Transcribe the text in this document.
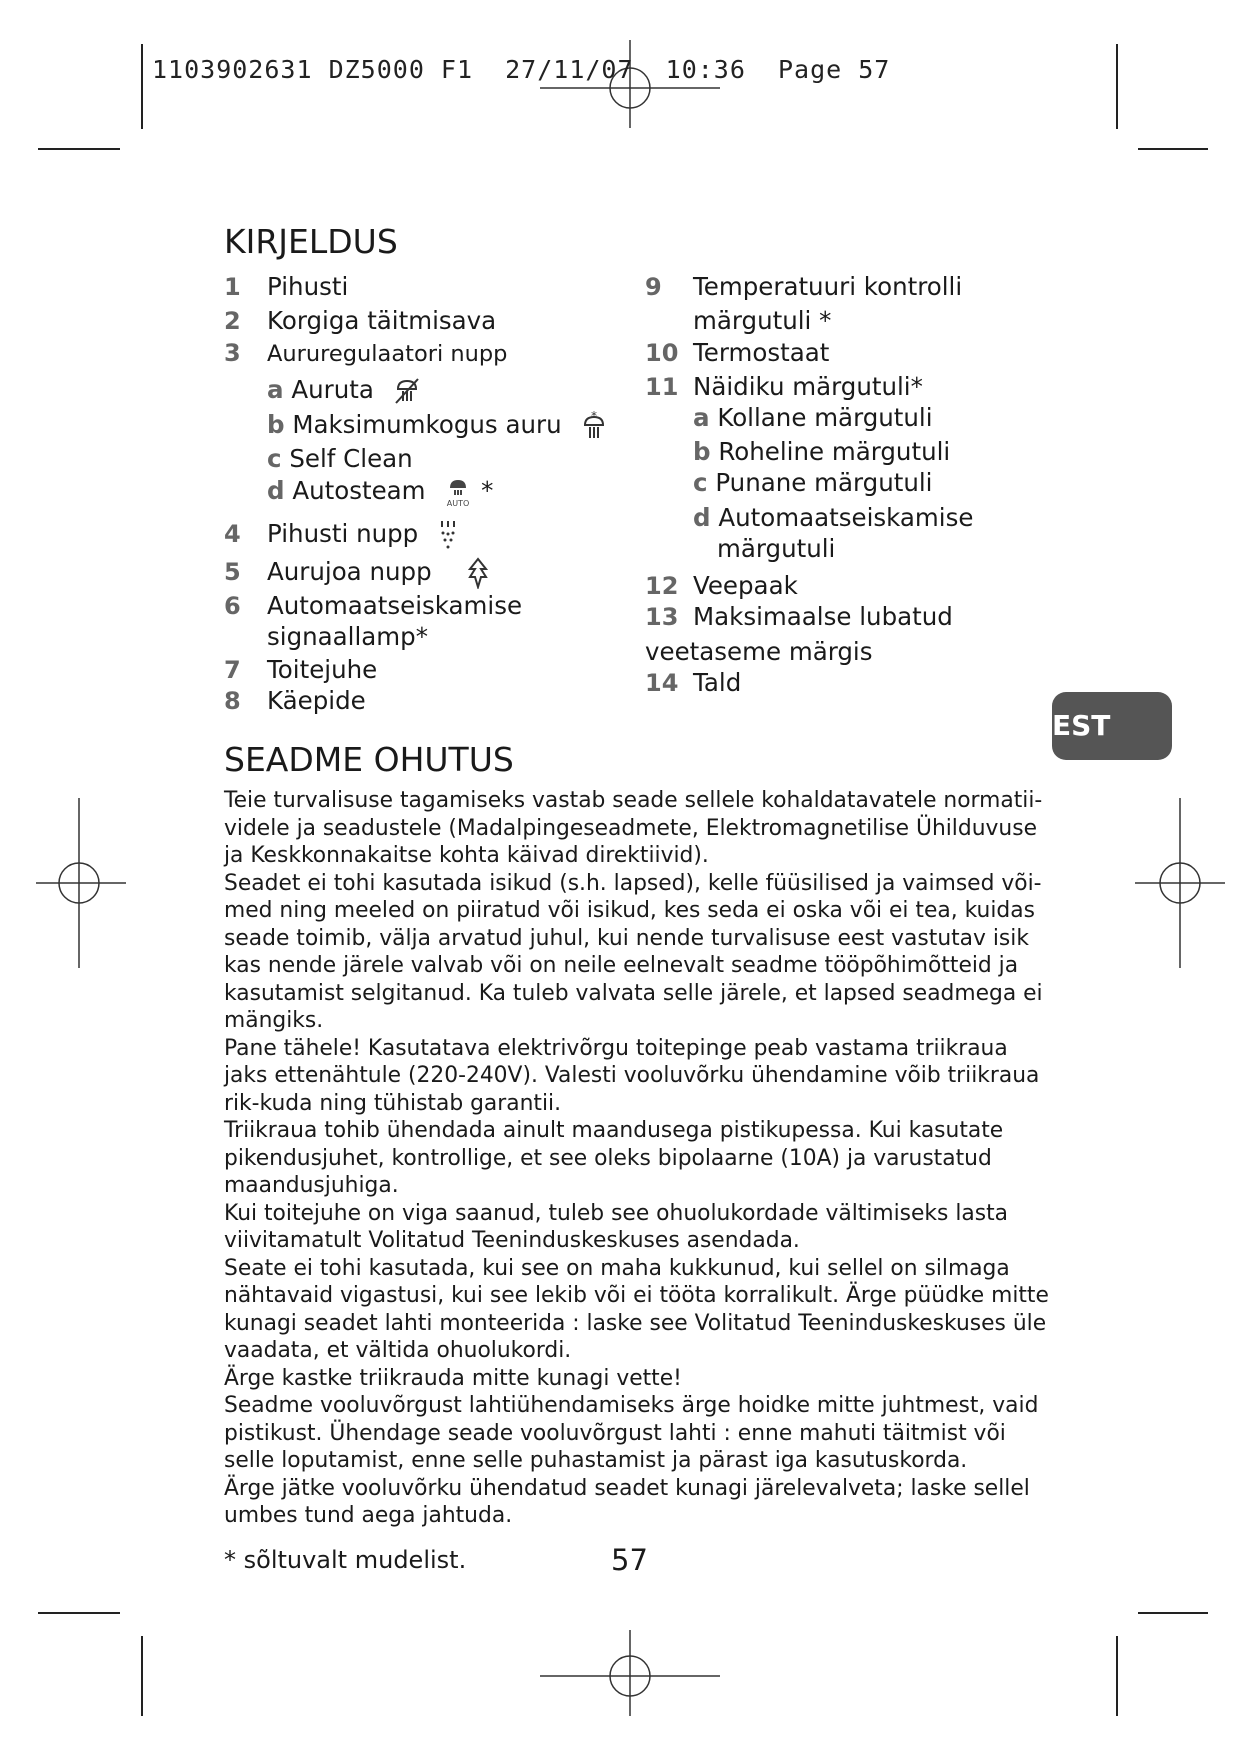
1103902631 DZ5000 F1  27/11/07  10:36  Page 57
KIRJELDUS
1 Pihusti
2 Korgiga täitmisava
3 Aururegulaatori nupp
a Auruta
b Maksimumkogus auru *
c Self Clean
d Autosteam	AUTO *
4 Pihusti nupp
5 Aurujoa nupp
6 Automaatseiskamise
signaallamp*
7 Toitejuhe
8 Käepide
9 Temperatuuri kontrolli
märgutuli *
10 Termostaat
11 Näidiku märgutuli*
a Kollane märgutuli
b Roheline märgutuli
c Punane märgutuli
d Automaatseiskamise
märgutuli
12 Veepaak
13 Maksimaalse lubatud
veetaseme märgis
14 Tald
EST
SEADME OHUTUS

Teie turvalisuse tagamiseks vastab seade sellele kohaldatavatele normatii-videle ja seadustele (Madalpingeseadmete, Elektromagnetilise Ühilduvuse ja Keskkonnakaitse kohta käivad direktiivid).

Seadet ei tohi kasutada isikud (s.h. lapsed), kelle füüsilised ja vaimsed või-med ning meeled on piiratud või isikud, kes seda ei oska või ei tea, kuidas seade toimib, välja arvatud juhul, kui nende turvalisuse eest vastutav isik kas nende järele valvab või on neile eelnevalt seadme tööpõhimõtteid ja kasutamist selgitanud. Ka tuleb valvata selle järele, et lapsed seadmega ei mängiks.

Pane tähele! Kasutatava elektrivõrgu toitepinge peab vastama triikraua jaks ettenähtule (220-240V). Valesti vooluvõrku ühendamine võib triikraua rik-kuda ning tühistab garantii.

Triikraua tohib ühendada ainult maandusega pistikupessa. Kui kasutate pikendusjuhet, kontrollige, et see oleks bipolaarne (10A) ja varustatud maandusjuhiga.

Kui toitejuhe on viga saanud, tuleb see ohuolukordade vältimiseks lasta viivitamatult Volitatud Teeninduskeskuses asendada.

Seate ei tohi kasutada, kui see on maha kukkunud, kui sellel on silmaga nähtavaid vigastusi, kui see lekib või ei tööta korralikult. Ärge püüdke mitte kunagi seadet lahti monteerida : laske see Volitatud Teeninduskeskuses üle vaadata, et vältida ohuolukordi.

Ärge kastke triikrauda mitte kunagi vette!

Seadme vooluvõrgust lahtiühendamiseks ärge hoidke mitte juhtmest, vaid pistikust. Ühendage seade vooluvõrgust lahti : enne mahuti täitmist või selle loputamist, enne selle puhastamist ja pärast iga kasutuskorda.

Ärge jätke vooluvõrku ühendatud seadet kunagi järelevalveta; laske sellel umbes tund aega jahtuda.

* sõltuvalt mudelist.	57
